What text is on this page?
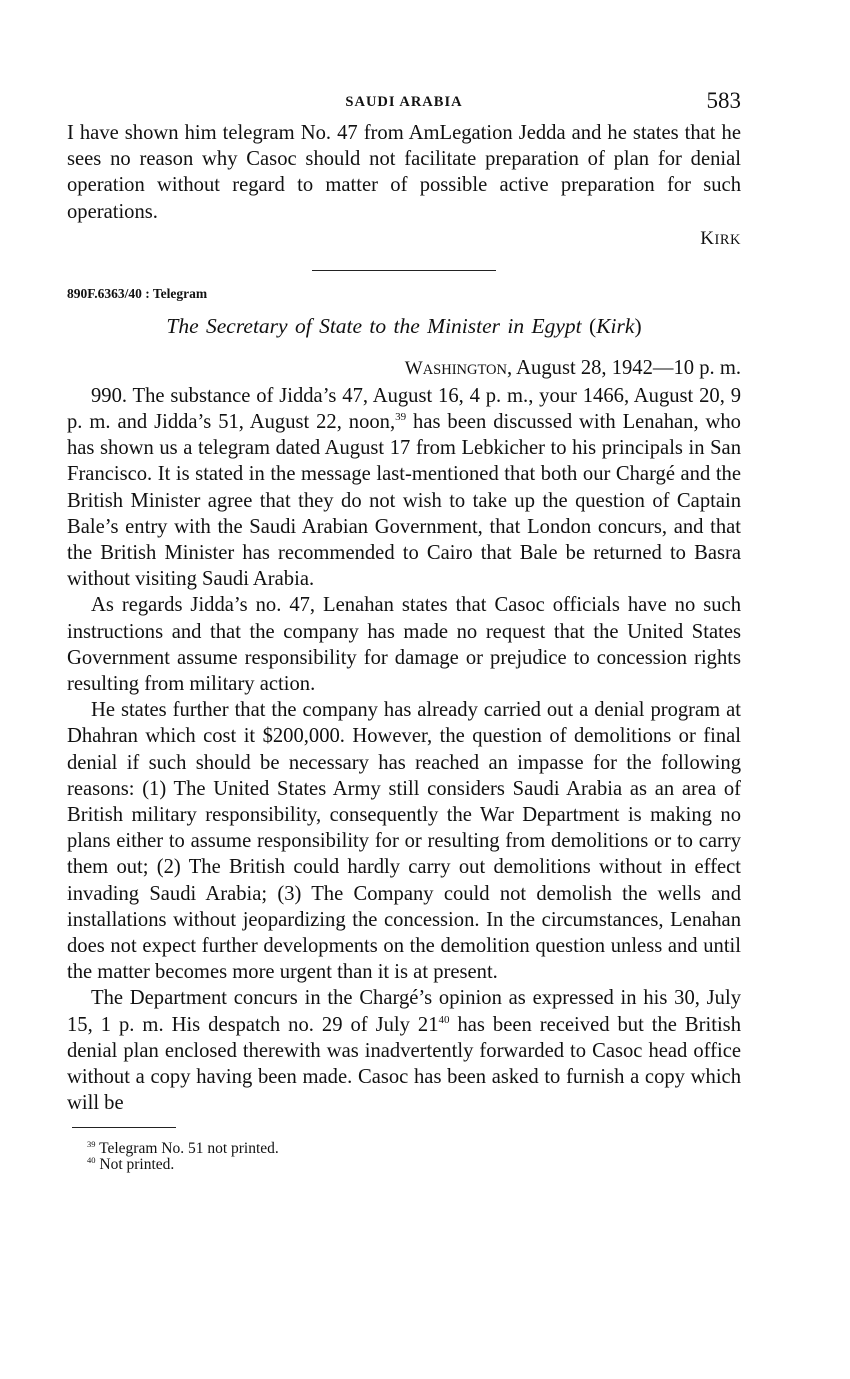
SAUDI ARABIA	583

I have shown him telegram No. 47 from AmLegation Jedda and he states that he sees no reason why Casoc should not facilitate preparation of plan for denial operation without regard to matter of possible active preparation for such operations.

KIRK
890F.6363/40 : Telegram
The Secretary of State to the Minister in Egypt (Kirk)
WASHINGTON, August 28, 1942—10 p. m.

990. The substance of Jidda’s 47, August 16, 4 p. m., your 1466, August 20, 9 p. m. and Jidda’s 51, August 22, noon,$^{39}$ has been discussed with Lenahan, who has shown us a telegram dated August 17 from Lebkicher to his principals in San Francisco. It is stated in the message last-mentioned that both our Chargé and the British Minister agree that they do not wish to take up the question of Captain Bale’s entry with the Saudi Arabian Government, that London concurs, and that the British Minister has recommended to Cairo that Bale be returned to Basra without visiting Saudi Arabia.

As regards Jidda’s no. 47, Lenahan states that Casoc officials have no such instructions and that the company has made no request that the United States Government assume responsibility for damage or prejudice to concession rights resulting from military action.

He states further that the company has already carried out a denial program at Dhahran which cost it $200,000. However, the question of demolitions or final denial if such should be necessary has reached an impasse for the following reasons: (1) The United States Army still considers Saudi Arabia as an area of British military responsibility, consequently the War Department is making no plans either to assume responsibility for or resulting from demolitions or to carry them out; (2) The British could hardly carry out demolitions without in effect invading Saudi Arabia; (3) The Company could not demolish the wells and installations without jeopardizing the concession. In the circumstances, Lenahan does not expect further developments on the demolition question unless and until the matter becomes more urgent than it is at present.

The Department concurs in the Chargé’s opinion as expressed in his 30, July 15, 1 p. m. His despatch no. 29 of July $21^{40}$ has been received but the British denial plan enclosed therewith was inadvertently forwarded to Casoc head office without a copy having been made. Casoc has been asked to furnish a copy which will be

$^{39}$ Telegram No. 51 not printed.
$^{40}$ Not printed.
